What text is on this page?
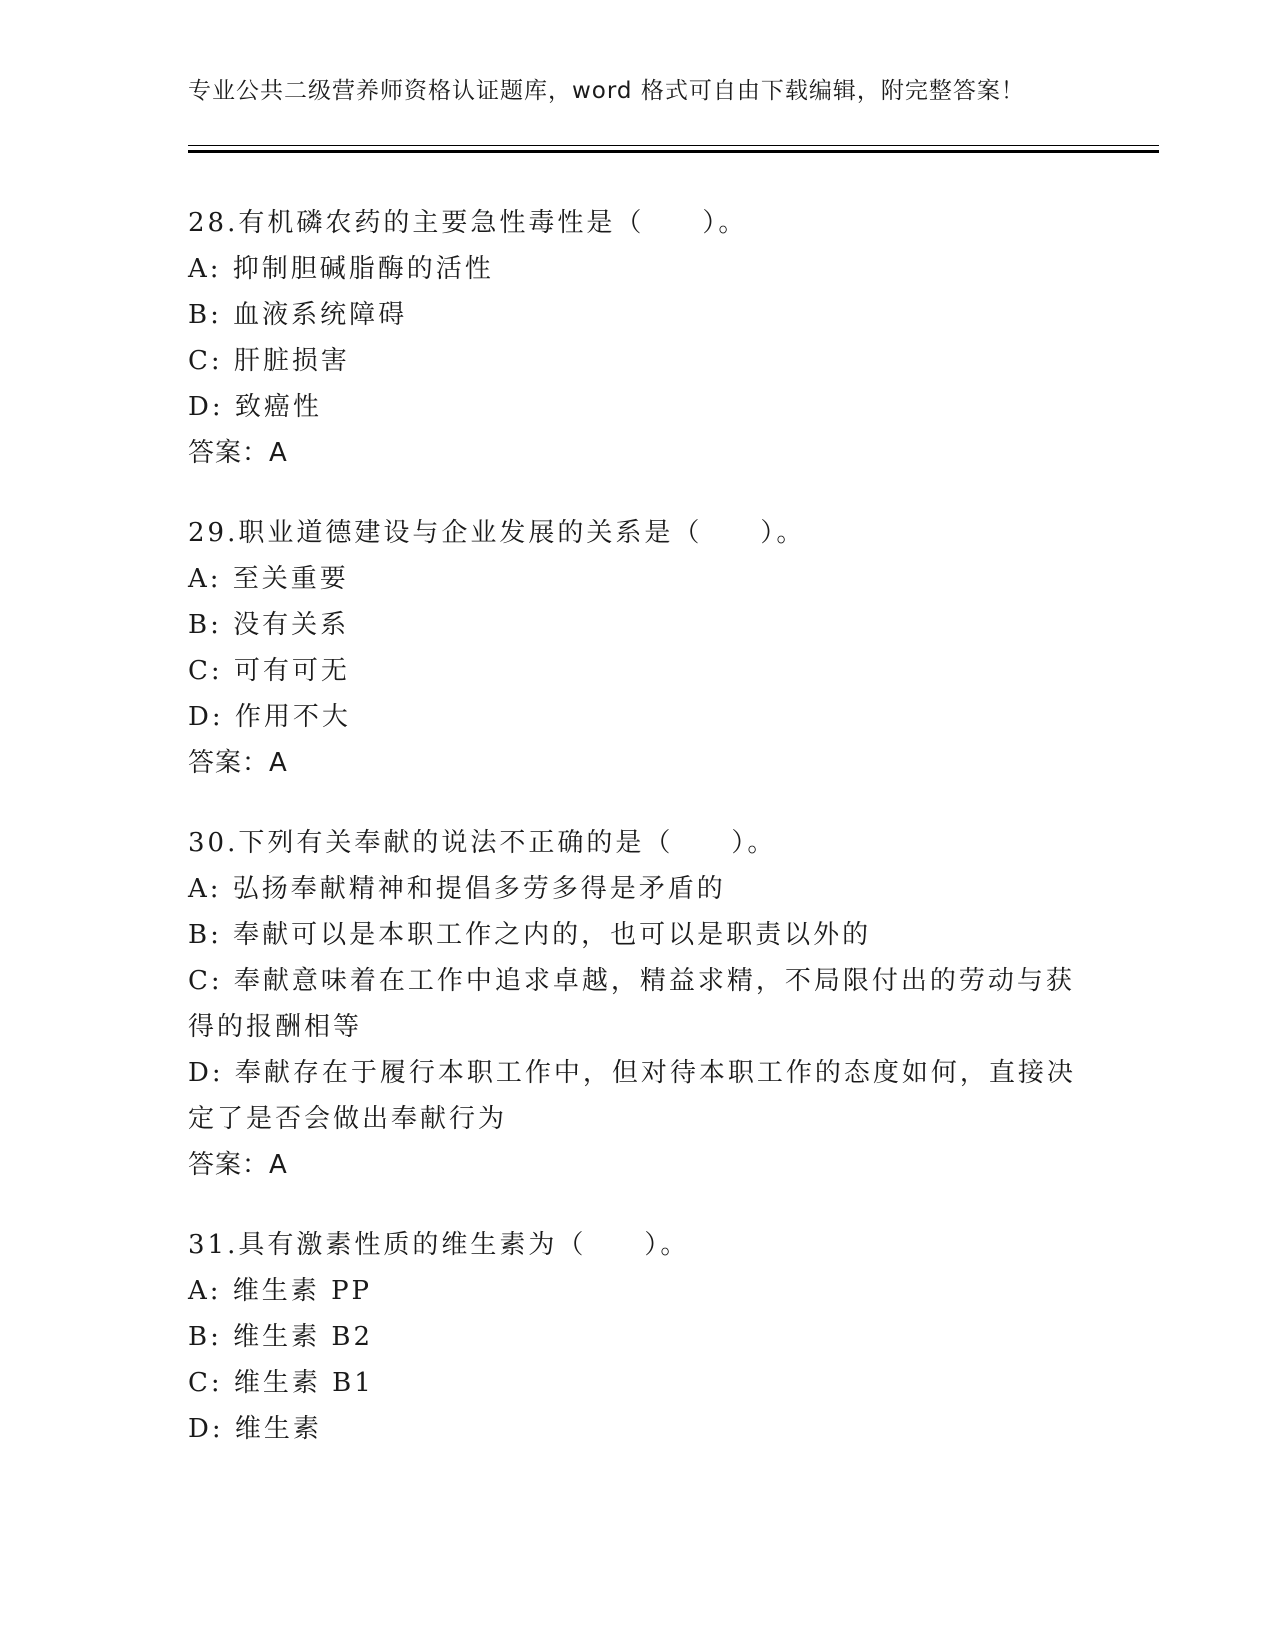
专业公共二级营养师资格认证题库，word 格式可自由下载编辑，附完整答案！
28.有机磷农药的主要急性毒性是（　　）。
A: 抑制胆碱脂酶的活性
B: 血液系统障碍
C: 肝脏损害
D: 致癌性
答案：A
29.职业道德建设与企业发展的关系是（　　）。
A: 至关重要
B: 没有关系
C: 可有可无
D: 作用不大
答案：A
30.下列有关奉献的说法不正确的是（　　）。
A: 弘扬奉献精神和提倡多劳多得是矛盾的
B: 奉献可以是本职工作之内的，也可以是职责以外的
C: 奉献意味着在工作中追求卓越，精益求精，不局限付出的劳动与获得的报酬相等
D: 奉献存在于履行本职工作中，但对待本职工作的态度如何，直接决定了是否会做出奉献行为
答案：A
31.具有激素性质的维生素为（　　）。
A: 维生素 PP
B: 维生素 B2
C: 维生素 B1
D: 维生素
